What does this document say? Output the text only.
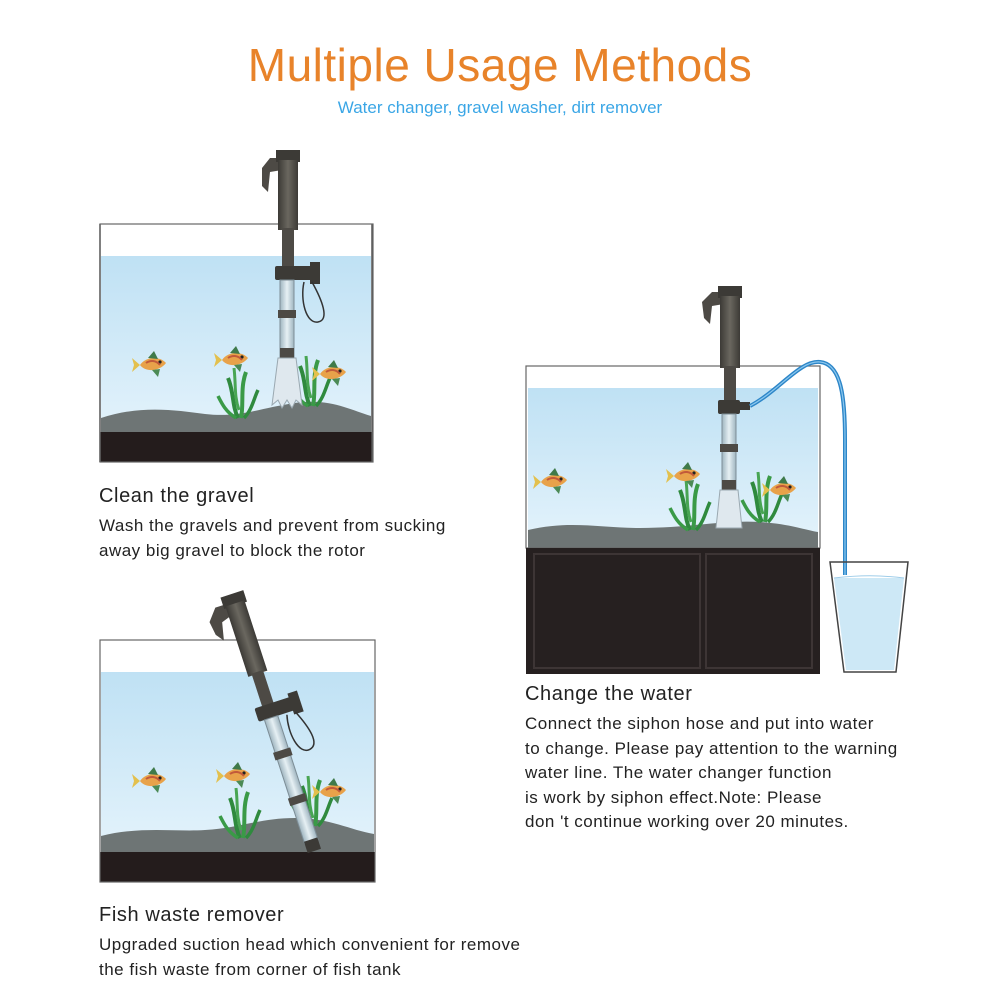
Multiple Usage Methods
Water changer, gravel washer, dirt remover
Clean the gravel
Wash the gravels and prevent from sucking
away big gravel to block the rotor
Change the water
Connect the siphon hose and put into water
to change. Please pay attention to the warning
water line. The water changer function
is work by siphon effect.Note: Please
don 't continue working over 20 minutes.
Fish waste remover
Upgraded suction head which convenient for remove
the fish waste from corner of fish tank
